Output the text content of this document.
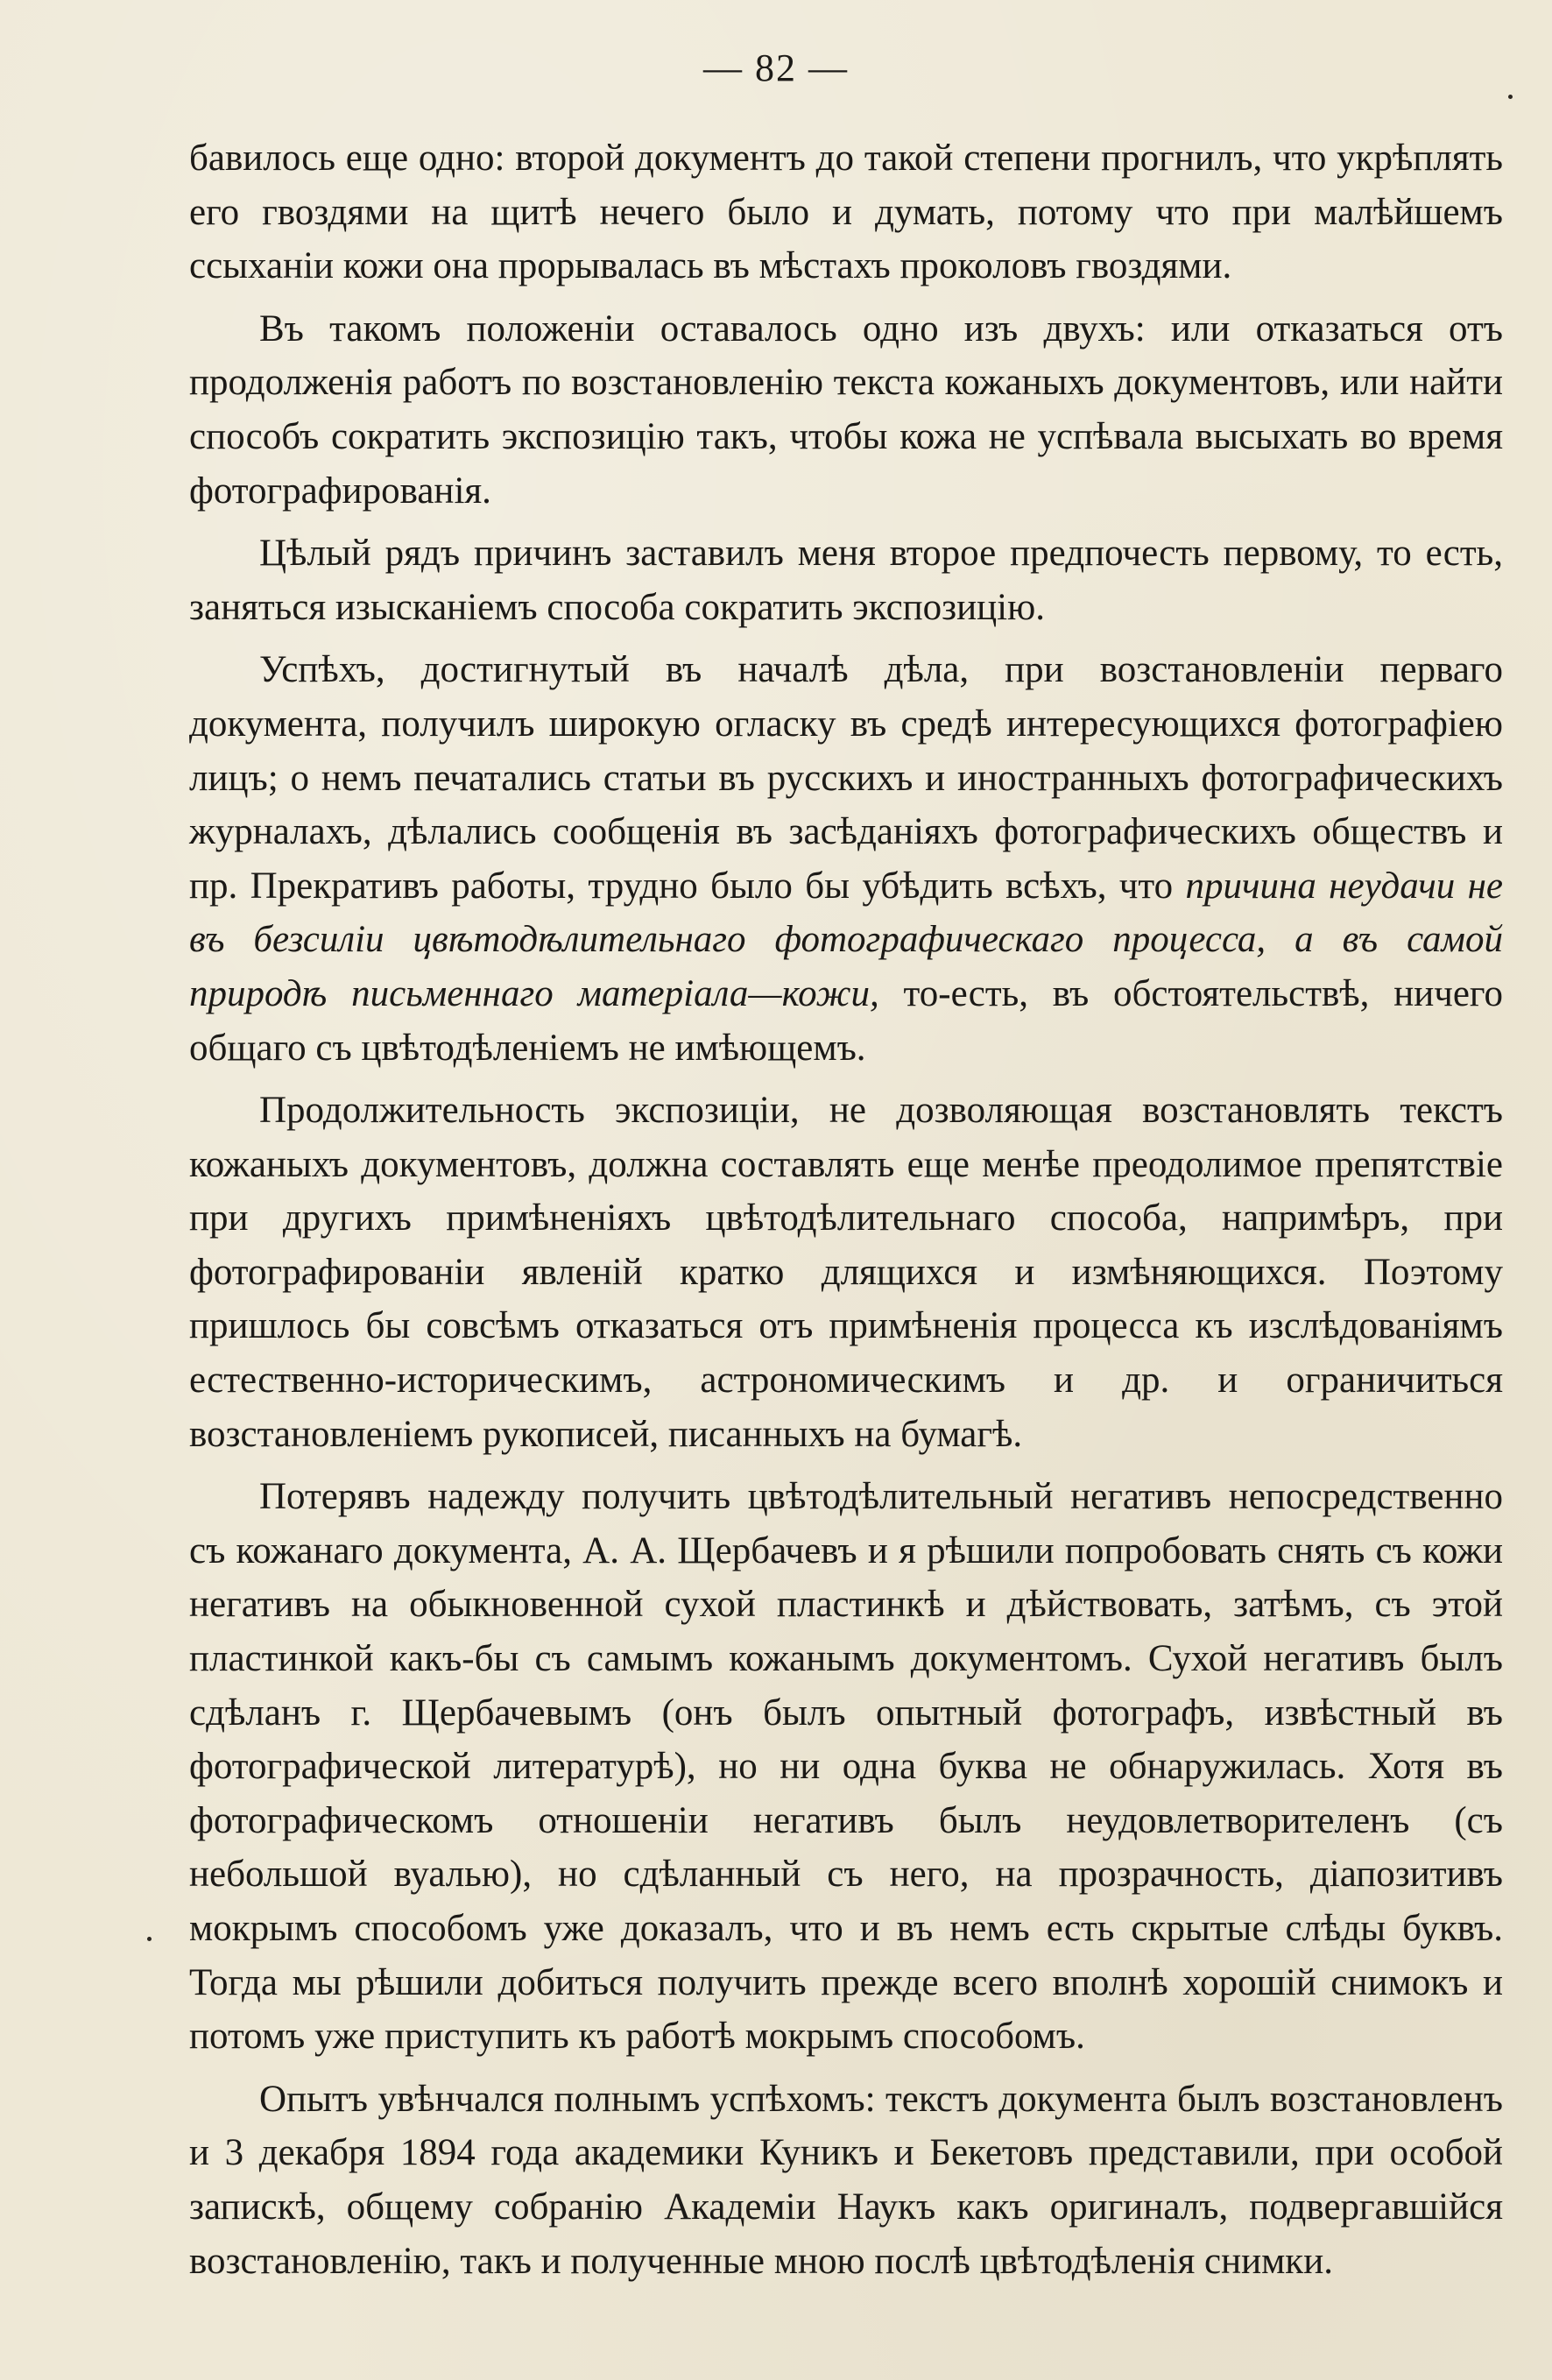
— 82 —

бавилось еще одно: второй документъ до такой степени прогнилъ, что укрѣплять его гвоздями на щитѣ нечего было и думать, потому что при малѣйшемъ ссыханіи кожи она прорывалась въ мѣстахъ проколовъ гвоздями.

Въ такомъ положеніи оставалось одно изъ двухъ: или отказаться отъ продолженія работъ по возстановленію текста кожаныхъ документовъ, или найти способъ сократить экспозицію такъ, чтобы кожа не успѣвала высыхать во время фотографированія.

Цѣлый рядъ причинъ заставилъ меня второе предпочесть первому, то есть, заняться изысканіемъ способа сократить экспозицію.

Успѣхъ, достигнутый въ началѣ дѣла, при возстановленіи перваго документа, получилъ широкую огласку въ средѣ интересующихся фотографіею лицъ; о немъ печатались статьи въ русскихъ и иностранныхъ фотографическихъ журналахъ, дѣлались сообщенія въ засѣданіяхъ фотографическихъ обществъ и пр. Прекративъ работы, трудно было бы убѣдить всѣхъ, что причина неудачи не въ безсиліи цвѣтодѣлительнаго фотографическаго процесса, а въ самой природѣ письменнаго матеріала—кожи, то-есть, въ обстоятельствѣ, ничего общаго съ цвѣтодѣленіемъ не имѣющемъ.

Продолжительность экспозиціи, не дозволяющая возстановлять текстъ кожаныхъ документовъ, должна составлять еще менѣе преодолимое препятствіе при другихъ примѣненіяхъ цвѣтодѣлительнаго способа, напримѣръ, при фотографированіи явленій кратко длящихся и измѣняющихся. Поэтому пришлось бы совсѣмъ отказаться отъ примѣненія процесса къ изслѣдованіямъ естественно-историческимъ, астрономическимъ и др. и ограничиться возстановленіемъ рукописей, писанныхъ на бумагѣ.

Потерявъ надежду получить цвѣтодѣлительный негативъ непосредственно съ кожанаго документа, А. А. Щербачевъ и я рѣшили попробовать снять съ кожи негативъ на обыкновенной сухой пластинкѣ и дѣйствовать, затѣмъ, съ этой пластинкой какъ-бы съ самымъ кожанымъ документомъ. Сухой негативъ былъ сдѣланъ г. Щербачевымъ (онъ былъ опытный фотографъ, извѣстный въ фотографической литературѣ), но ни одна буква не обнаружилась. Хотя въ фотографическомъ отношеніи негативъ былъ неудовлетворителенъ (съ небольшой вуалью), но сдѣланный съ него, на прозрачность, діапозитивъ мокрымъ способомъ уже доказалъ, что и въ немъ есть скрытые слѣды буквъ. Тогда мы рѣшили добиться получить прежде всего вполнѣ хорошій снимокъ и потомъ уже приступить къ работѣ мокрымъ способомъ.

Опытъ увѣнчался полнымъ успѣхомъ: текстъ документа былъ возстановленъ и 3 декабря 1894 года академики Куникъ и Бекетовъ представили, при особой запискѣ, общему собранію Академіи Наукъ какъ оригиналъ, подвергавшійся возстановленію, такъ и полученные мною послѣ цвѣтодѣленія снимки.
